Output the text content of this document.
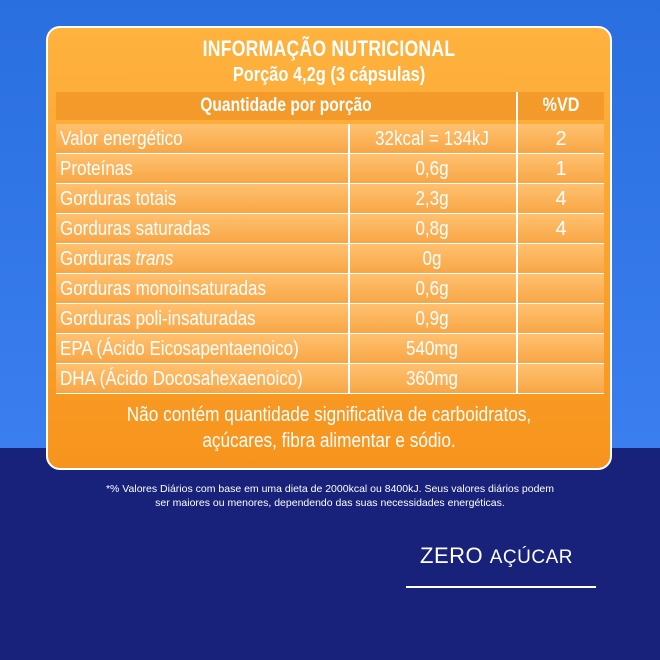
INFORMAÇÃO NUTRICIONAL
Porção 4,2g (3 cápsulas)
Quantidade por porção	%VD
Valor energético	32kcal = 134kJ	2
Proteínas	0,6g	1
Gorduras totais	2,3g	4
Gorduras saturadas	0,8g	4
Gorduras trans	0g
Gorduras monoinsaturadas	0,6g
Gorduras poli-insaturadas	0,9g
EPA (Ácido Eicosapentaenoico)	540mg
DHA (Ácido Docosahexaenoico)	360mg
Não contém quantidade significativa de carboidratos, açúcares, fibra alimentar e sódio.
*% Valores Diários com base em uma dieta de 2000kcal ou 8400kJ. Seus valores diários podem
ser maiores ou menores, dependendo das suas necessidades energéticas.
ZERO AÇÚCAR
